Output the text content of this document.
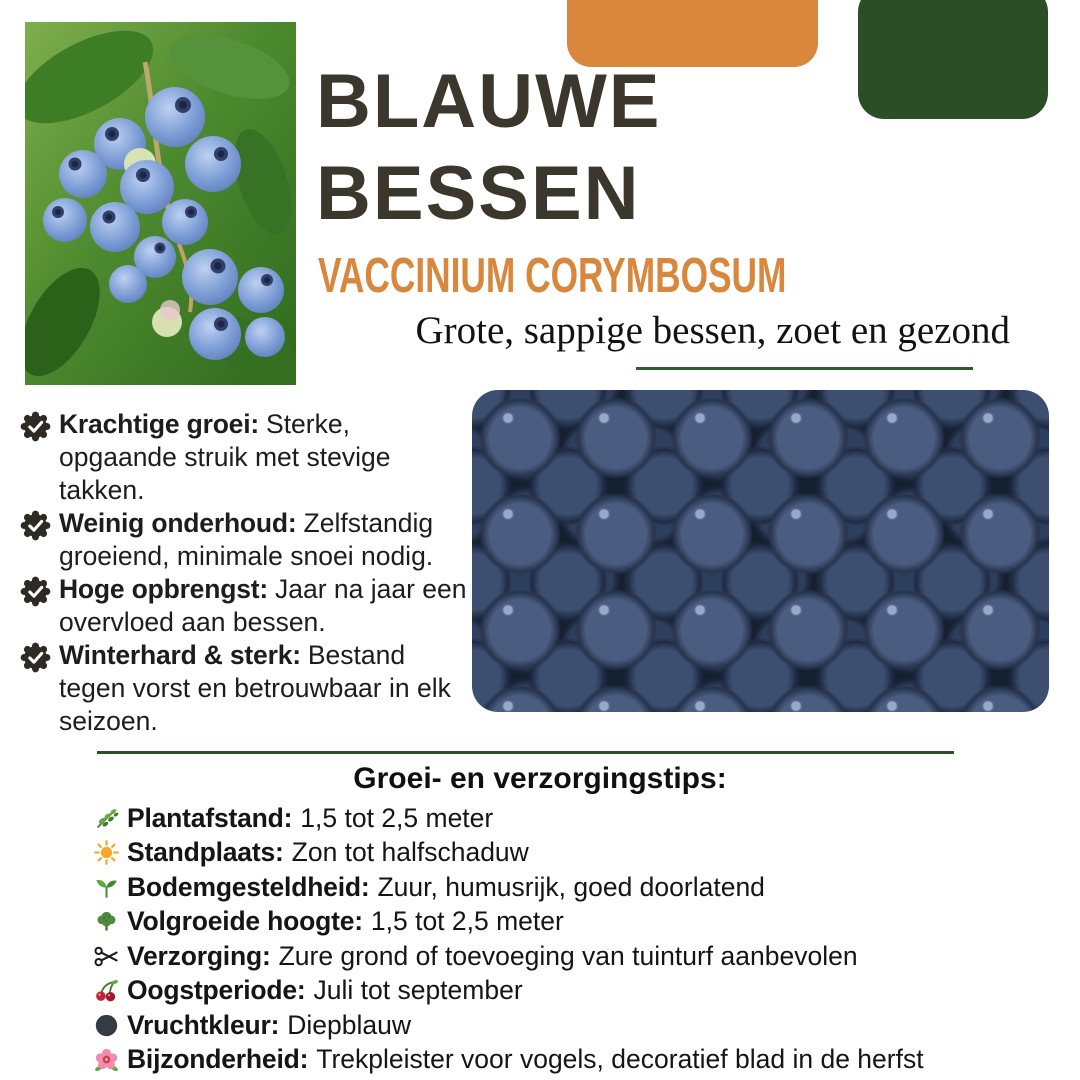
BLAUWE
BESSEN
VACCINIUM CORYMBOSUM
Grote, sappige bessen, zoet en gezond

Krachtige groei: Sterke, opgaande struik met stevige takken.

Weinig onderhoud: Zelfstandig groeiend, minimale snoei nodig.

Hoge opbrengst: Jaar na jaar een overvloed aan bessen.

Winterhard & sterk: Bestand tegen vorst en betrouwbaar in elk seizoen.

Groei- en verzorgingstips:
Plantafstand: 1,5 tot 2,5 meter
Standplaats: Zon tot halfschaduw
Bodemgesteldheid: Zuur, humusrijk, goed doorlatend
Volgroeide hoogte: 1,5 tot 2,5 meter
Verzorging: Zure grond of toevoeging van tuinturf aanbevolen
Oogstperiode: Juli tot september
Vruchtkleur: Diepblauw
Bijzonderheid: Trekpleister voor vogels, decoratief blad in de herfst
